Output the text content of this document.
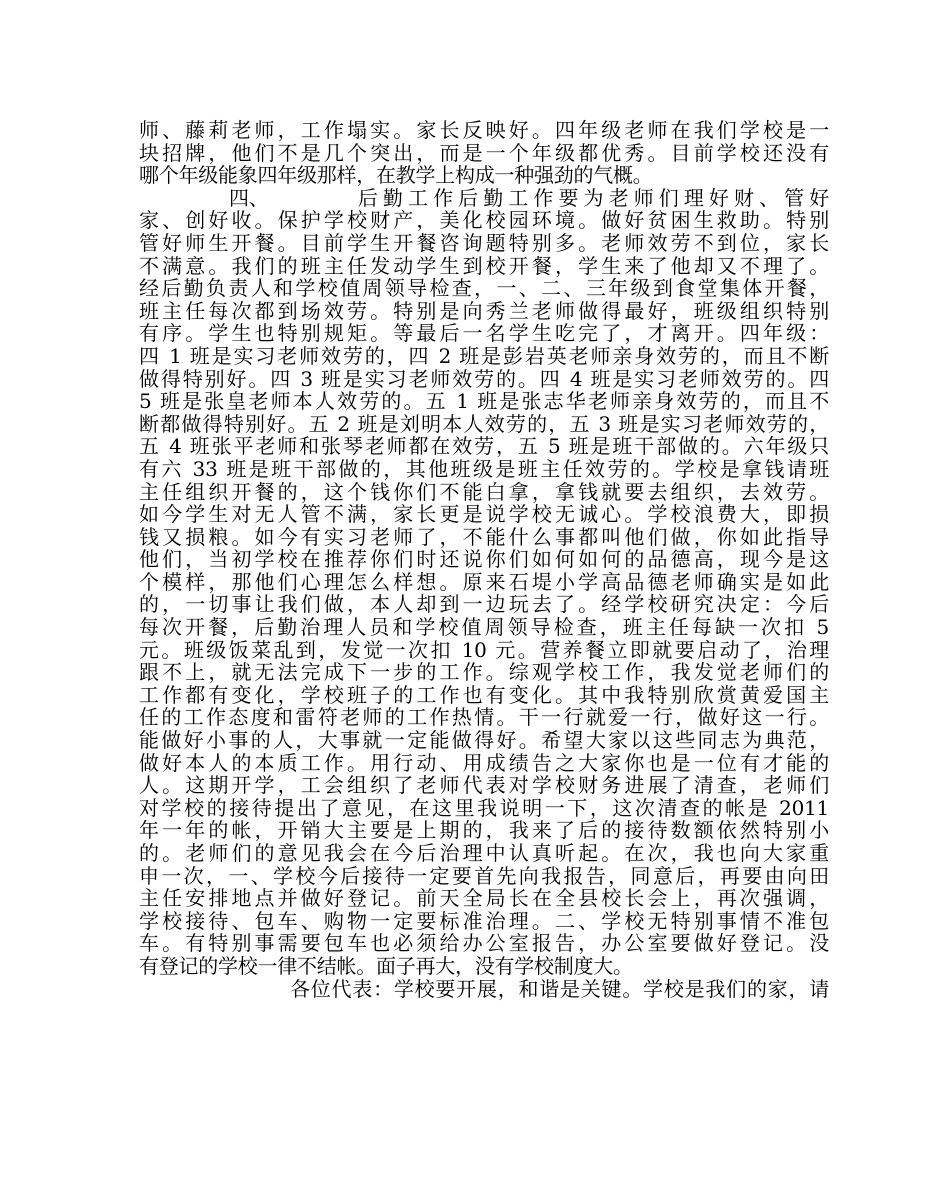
师、藤莉老师，工作塌实。家长反映好。四年级老师在我们学校是一
块招牌，他们不是几个突出，而是一个年级都优秀。目前学校还没有
哪个年级能象四年级那样，在教学上构成一种强劲的气概。
四、	后勤工作后勤工作要为老师们理好财、管好
家、创好收。保护学校财产，美化校园环境。做好贫困生救助。特别
管好师生开餐。目前学生开餐咨询题特别多。老师效劳不到位，家长
不满意。我们的班主任发动学生到校开餐，学生来了他却又不理了。
经后勤负责人和学校值周领导检查，一、二、三年级到食堂集体开餐，
班主任每次都到场效劳。特别是向秀兰老师做得最好，班级组织特别
有序。学生也特别规矩。等最后一名学生吃完了，才离开。四年级：
四 1 班是实习老师效劳的，四 2 班是彭岩英老师亲身效劳的，而且不断
做得特别好。四 3 班是实习老师效劳的。四 4 班是实习老师效劳的。四
5 班是张皇老师本人效劳的。五 1 班是张志华老师亲身效劳的，而且不
断都做得特别好。五 2 班是刘明本人效劳的，五 3 班是实习老师效劳的，
五 4 班张平老师和张琴老师都在效劳，五 5 班是班干部做的。六年级只
有六 33 班是班干部做的，其他班级是班主任效劳的。学校是拿钱请班
主任组织开餐的，这个钱你们不能白拿，拿钱就要去组织，去效劳。
如今学生对无人管不满，家长更是说学校无诚心。学校浪费大，即损
钱又损粮。如今有实习老师了，不能什么事都叫他们做，你如此指导
他们，当初学校在推荐你们时还说你们如何如何的品德高，现今是这
个模样，那他们心理怎么样想。原来石堤小学高品德老师确实是如此
的，一切事让我们做，本人却到一边玩去了。经学校研究决定：今后
每次开餐，后勤治理人员和学校值周领导检查，班主任每缺一次扣 5
元。班级饭菜乱到，发觉一次扣 10 元。营养餐立即就要启动了，治理
跟不上，就无法完成下一步的工作。综观学校工作，我发觉老师们的
工作都有变化，学校班子的工作也有变化。其中我特别欣赏黄爱国主
任的工作态度和雷符老师的工作热情。干一行就爱一行，做好这一行。
能做好小事的人，大事就一定能做得好。希望大家以这些同志为典范，
做好本人的本质工作。用行动、用成绩告之大家你也是一位有才能的
人。这期开学，工会组织了老师代表对学校财务进展了清查，老师们
对学校的接待提出了意见，在这里我说明一下，这次清查的帐是 2011
年一年的帐，开销大主要是上期的，我来了后的接待数额依然特别小
的。老师们的意见我会在今后治理中认真听起。在次，我也向大家重
申一次，一、学校今后接待一定要首先向我报告，同意后，再要由向田
主任安排地点并做好登记。前天全局长在全县校长会上，再次强调，
学校接待、包车、购物一定要标准治理。二、学校无特别事情不准包
车。有特别事需要包车也必须给办公室报告，办公室要做好登记。没
有登记的学校一律不结帐。面子再大，没有学校制度大。
各位代表：学校要开展，和谐是关键。学校是我们的家，请
